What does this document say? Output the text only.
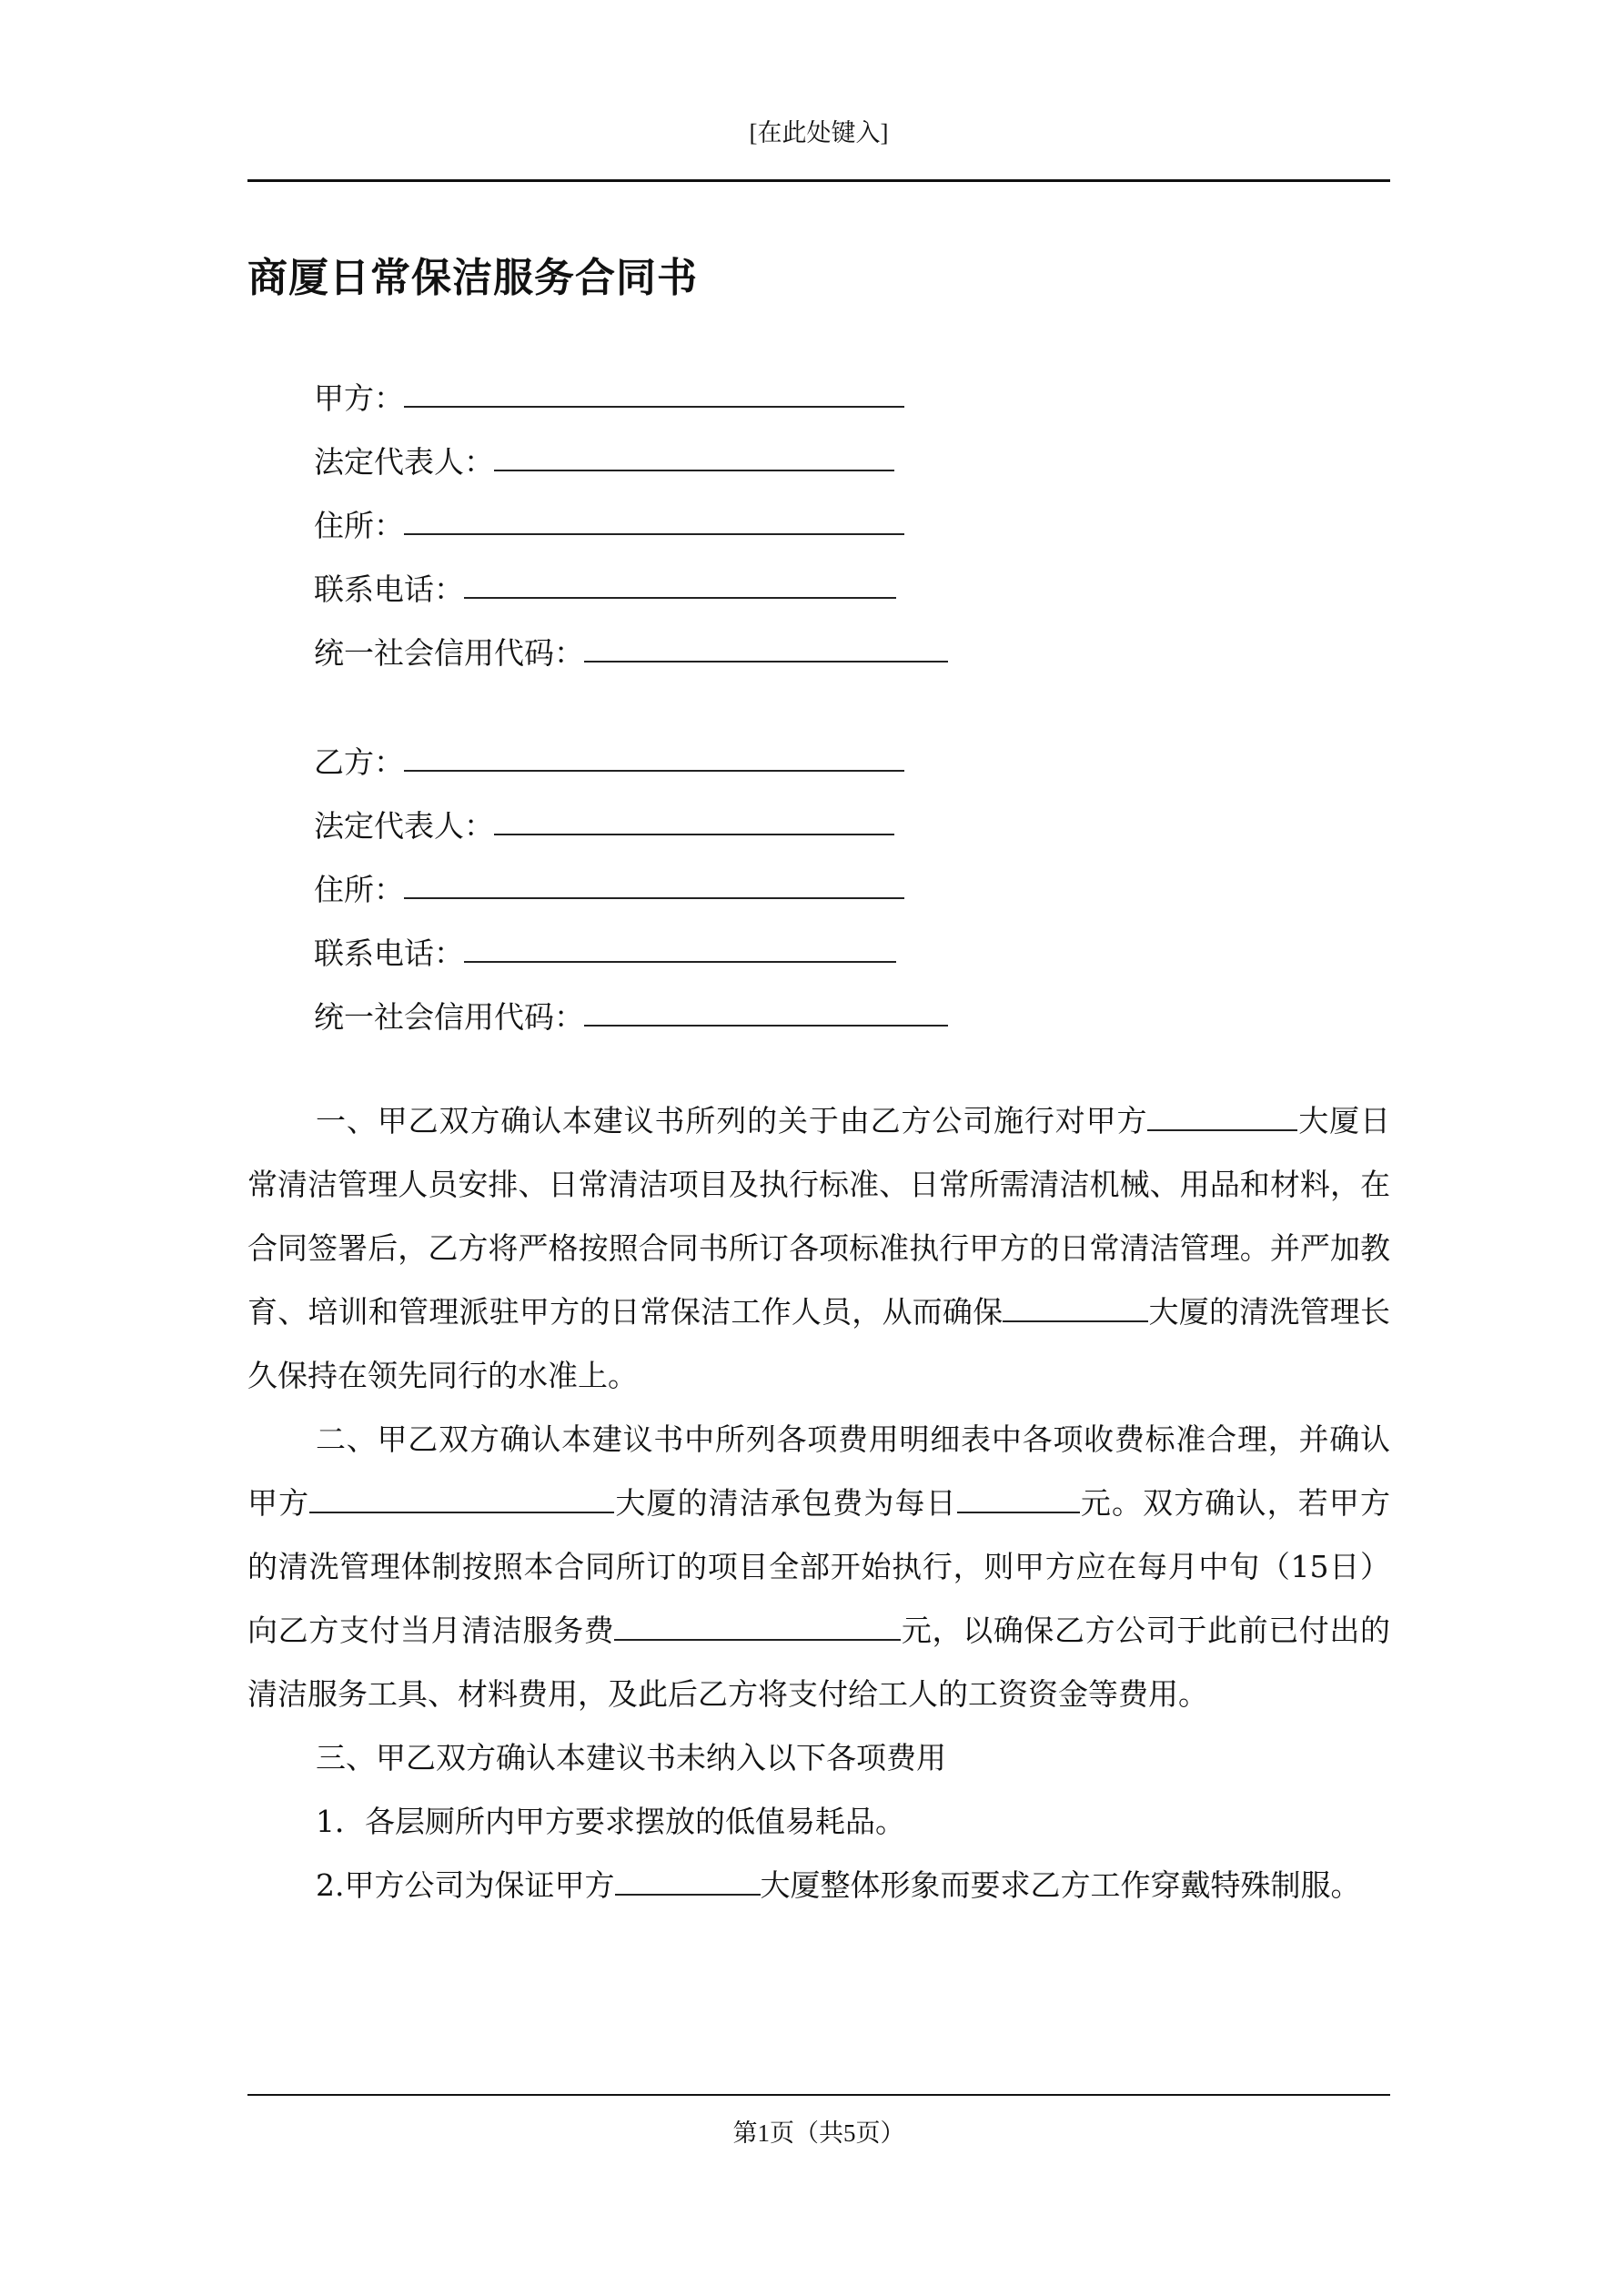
[在此处键入]
商厦日常保洁服务合同书
甲方：
法定代表人：
住所：
联系电话：
统一社会信用代码：
乙方：
法定代表人：
住所：
联系电话：
统一社会信用代码：

一、甲乙双方确认本建议书所列的关于由乙方公司施行对甲方	大厦日常清洁管理人员安排、日常清洁项目及执行标准、日常所需清洁机械、用品和材料，在合同签署后，乙方将严格按照合同书所订各项标准执行甲方的日常清洁管理。并严加教育、培训和管理派驻甲方的日常保洁工作人员，从而确保	大厦的清洗管理长久保持在领先同行的水准上。

二、甲乙双方确认本建议书中所列各项费用明细表中各项收费标准合理，并确认甲方	大厦的清洁承包费为每日	元。双方确认，若甲方的清洗管理体制按照本合同所订的项目全部开始执行，则甲方应在每月中旬（15日）向乙方支付当月清洁服务费	元，以确保乙方公司于此前已付出的清洁服务工具、材料费用，及此后乙方将支付给工人的工资资金等费用。

三、甲乙双方确认本建议书未纳入以下各项费用

1．各层厕所内甲方要求摆放的低值易耗品。

2.甲方公司为保证甲方	大厦整体形象而要求乙方工作穿戴特殊制服。

第1页（共5页）
